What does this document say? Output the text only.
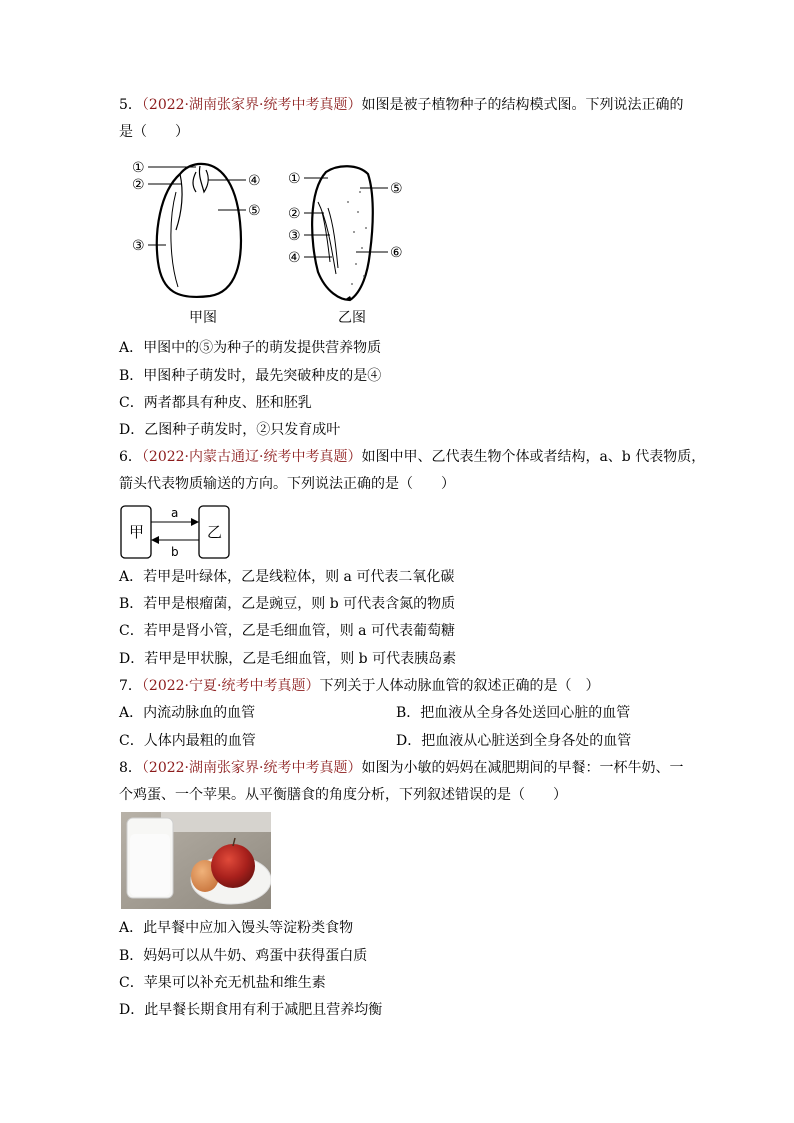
5．（2022·湖南张家界·统考中考真题）如图是被子植物种子的结构模式图。下列说法正确的
是（　　）
①
②
③
④
⑤
①
②
③
④
⑤
⑥
甲图	乙图
A．甲图中的⑤为种子的萌发提供营养物质
B．甲图种子萌发时，最先突破种皮的是④
C．两者都具有种皮、胚和胚乳
D．乙图种子萌发时，②只发育成叶
6．（2022·内蒙古通辽·统考中考真题）如图中甲、乙代表生物个体或者结构，a、b 代表物质，
箭头代表物质输送的方向。下列说法正确的是（　　）
甲	乙
a
b
A．若甲是叶绿体，乙是线粒体，则 a 可代表二氧化碳
B．若甲是根瘤菌，乙是豌豆，则 b 可代表含氮的物质
C．若甲是肾小管，乙是毛细血管，则 a 可代表葡萄糖
D．若甲是甲状腺，乙是毛细血管，则 b 可代表胰岛素
7．（2022·宁夏·统考中考真题）下列关于人体动脉血管的叙述正确的是（　）
A．内流动脉血的血管	B．把血液从全身各处送回心脏的血管
C．人体内最粗的血管	D．把血液从心脏送到全身各处的血管
8．（2022·湖南张家界·统考中考真题）如图为小敏的妈妈在减肥期间的早餐：一杯牛奶、一
个鸡蛋、一个苹果。从平衡膳食的角度分析，下列叙述错误的是（　　）
A．此早餐中应加入馒头等淀粉类食物
B．妈妈可以从牛奶、鸡蛋中获得蛋白质
C．苹果可以补充无机盐和维生素
D．此早餐长期食用有利于减肥且营养均衡
